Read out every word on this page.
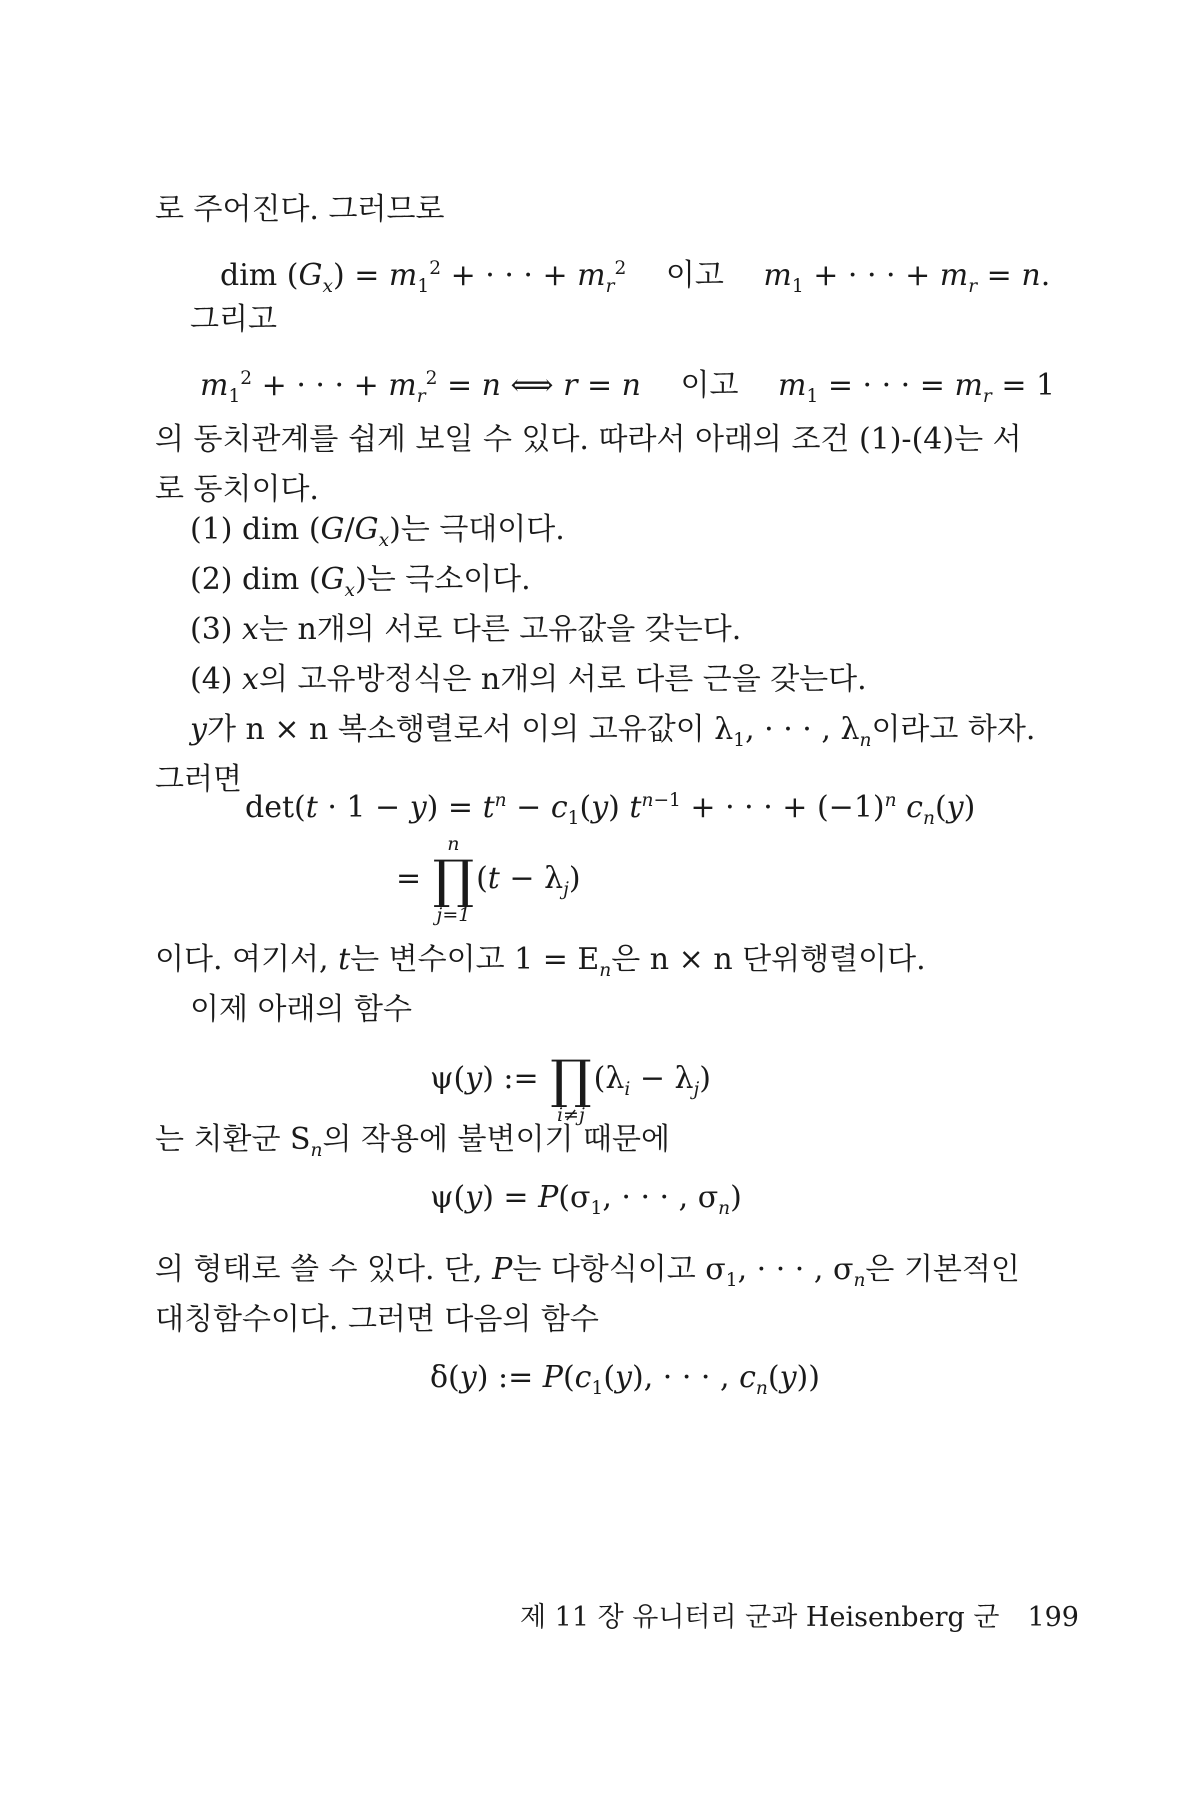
로 주어진다. 그러므로
dim $(G_x) = m_1^2$ + · · · + $m_r^2$ 이고 $m_1$ + · · · + $m_r = n$.
그리고
$m_1^2$ + · · · + $m_r^2 = n$ ⟺ r = n 이고 $m_1$ = · · · = $m_r = 1$
의 동치관계를 쉽게 보일 수 있다. 따라서 아래의 조건 (1)-(4)는 서로 동치이다.
(1) dim $(G/G_x)$는 극대이다.
(2) dim $(G_x)$는 극소이다.
(3) x는 n개의 서로 다른 고유값을 갖는다.
(4) x의 고유방정식은 n개의 서로 다른 근을 갖는다.
y가 n × n 복소행렬로서 이의 고유값이 $\lambda_1$, · · · , $\lambda_n$이라고 하자. 그러면
$\det(t \cdot 1 - y) = t^n - c_1(y) t^{n-1}$ + · · · + $(-1)^n$ $c_n(y)$
=
n
∏
j=1
$(t - \lambda_j)$
이다. 여기서, t는 변수이고 $1 = E_n$은 n × n 단위행렬이다.
이제 아래의 함수
ψ(y) :=
∏
i≠j
$(\lambda_i - \lambda_j)$
는 치환군 $S_n$의 작용에 불변이기 때문에
$\psi(y) = P(\sigma_1$, · · · , $\sigma_n$)
의 형태로 쓸 수 있다. 단, P는 다항식이고 $\sigma_1$, · · · , $\sigma_n$은 기본적인 대칭함수이다. 그러면 다음의 함수
δ(y) := $P(c_1(y)$, · · · , $c_n(y)$)
제 11 장 유니터리 군과 Heisenberg 군 199
